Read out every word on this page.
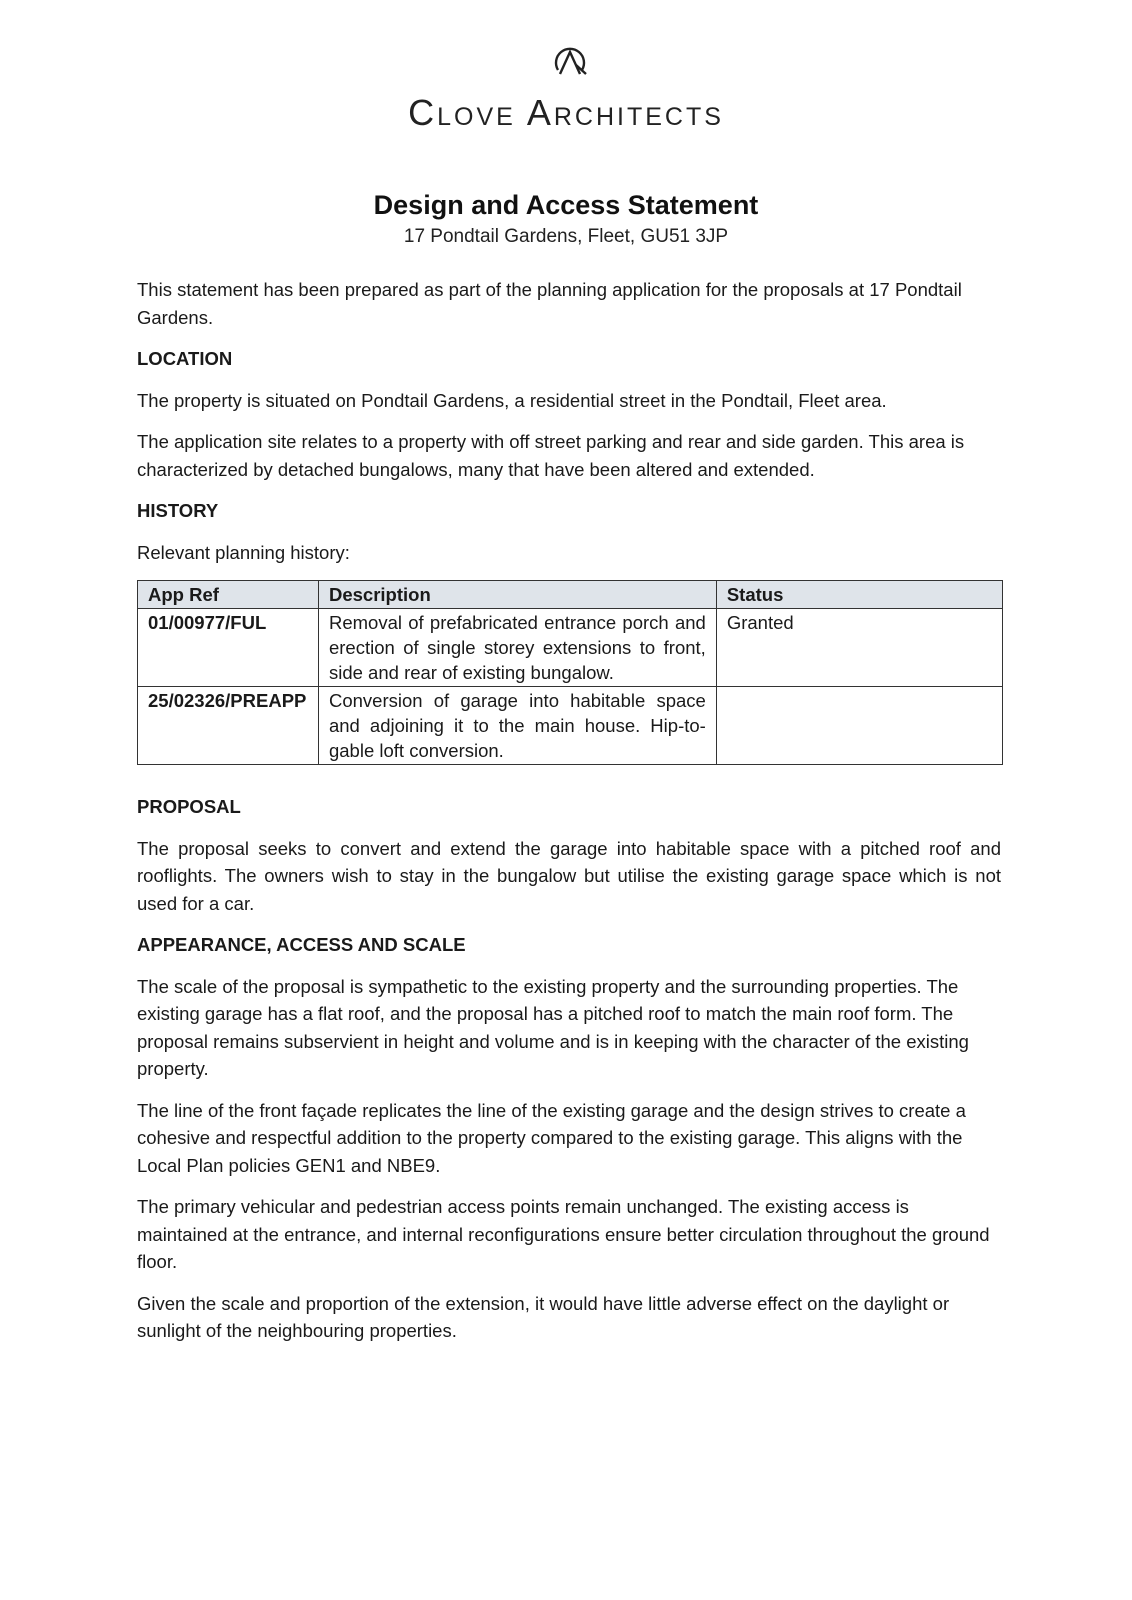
Clove Architects
Design and Access Statement
17 Pondtail Gardens, Fleet, GU51 3JP

This statement has been prepared as part of the planning application for the proposals at 17 Pondtail Gardens.

LOCATION

The property is situated on Pondtail Gardens, a residential street in the Pondtail, Fleet area.

The application site relates to a property with off street parking and rear and side garden. This area is characterized by detached bungalows, many that have been altered and extended.

HISTORY

Relevant planning history:

App Ref	Description	Status
01/00977/FUL	Removal of prefabricated entrance porch and erection of single storey extensions to front, side and rear of existing bungalow.	Granted
25/02326/PREAPP	Conversion of garage into habitable space and adjoining it to the main house. Hip-to-gable loft conversion.	
PROPOSAL

The proposal seeks to convert and extend the garage into habitable space with a pitched roof and rooflights. The owners wish to stay in the bungalow but utilise the existing garage space which is not used for a car.

APPEARANCE, ACCESS AND SCALE

The scale of the proposal is sympathetic to the existing property and the surrounding properties. The existing garage has a flat roof, and the proposal has a pitched roof to match the main roof form. The proposal remains subservient in height and volume and is in keeping with the character of the existing property.

The line of the front façade replicates the line of the existing garage and the design strives to create a cohesive and respectful addition to the property compared to the existing garage. This aligns with the Local Plan policies GEN1 and NBE9.

The primary vehicular and pedestrian access points remain unchanged. The existing access is maintained at the entrance, and internal reconfigurations ensure better circulation throughout the ground floor.

Given the scale and proportion of the extension, it would have little adverse effect on the daylight or sunlight of the neighbouring properties.
